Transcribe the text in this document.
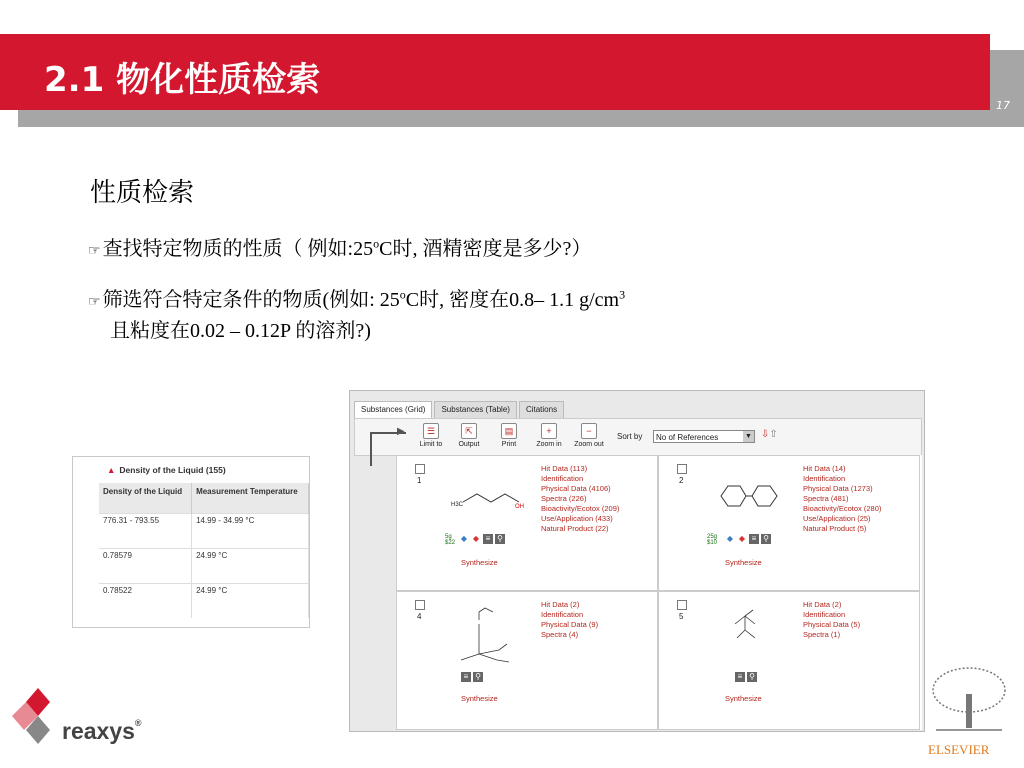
2.1 物化性质检索
17
性质检索
☞ 查找特定物质的性质（ 例如:25$^o$C时, 酒精密度是多少?）
☞ 筛选符合特定条件的物质(例如: 25$^o$C时, 密度在0.8– 1.1 $g/cm^3$
且粘度在0.02 – 0.12P 的溶剂?)
▲ Density of the Liquid (155)
Density of the Liquid	Measurement Temperature
776.31 - 793.55	14.99 - 34.99 °C
0.78579	24.99 °C
0.78522	24.99 °C
Substances (Grid)	Substances (Table)	Citations
☰
Limit to
⇱
Output
▤
Print
+
Zoom in
−
Zoom out
Sort by	No of References	▼ ⇩⇧
1
H3C	OH
Hit Data (113)
Identification
Physical Data (4106)
Spectra (226)
Bioactivity/Ecotox (209)
Use/Application (433)
Natural Product (22)
5g
$22 ◆ ◆ ≡ ⚲
Synthesize
2
Hit Data (14)
Identification
Physical Data (1273)
Spectra (481)
Bioactivity/Ecotox (280)
Use/Application (25)
Natural Product (5)
25g
$10 ◆ ◆ ≡ ⚲
Synthesize
4
Hit Data (2)
Identification
Physical Data (9)
Spectra (4)
≡ ⚲
Synthesize
5
Hit Data (2)
Identification
Physical Data (5)
Spectra (1)
≡ ⚲
Synthesize
▶
reaxys®
ELSEVIER
